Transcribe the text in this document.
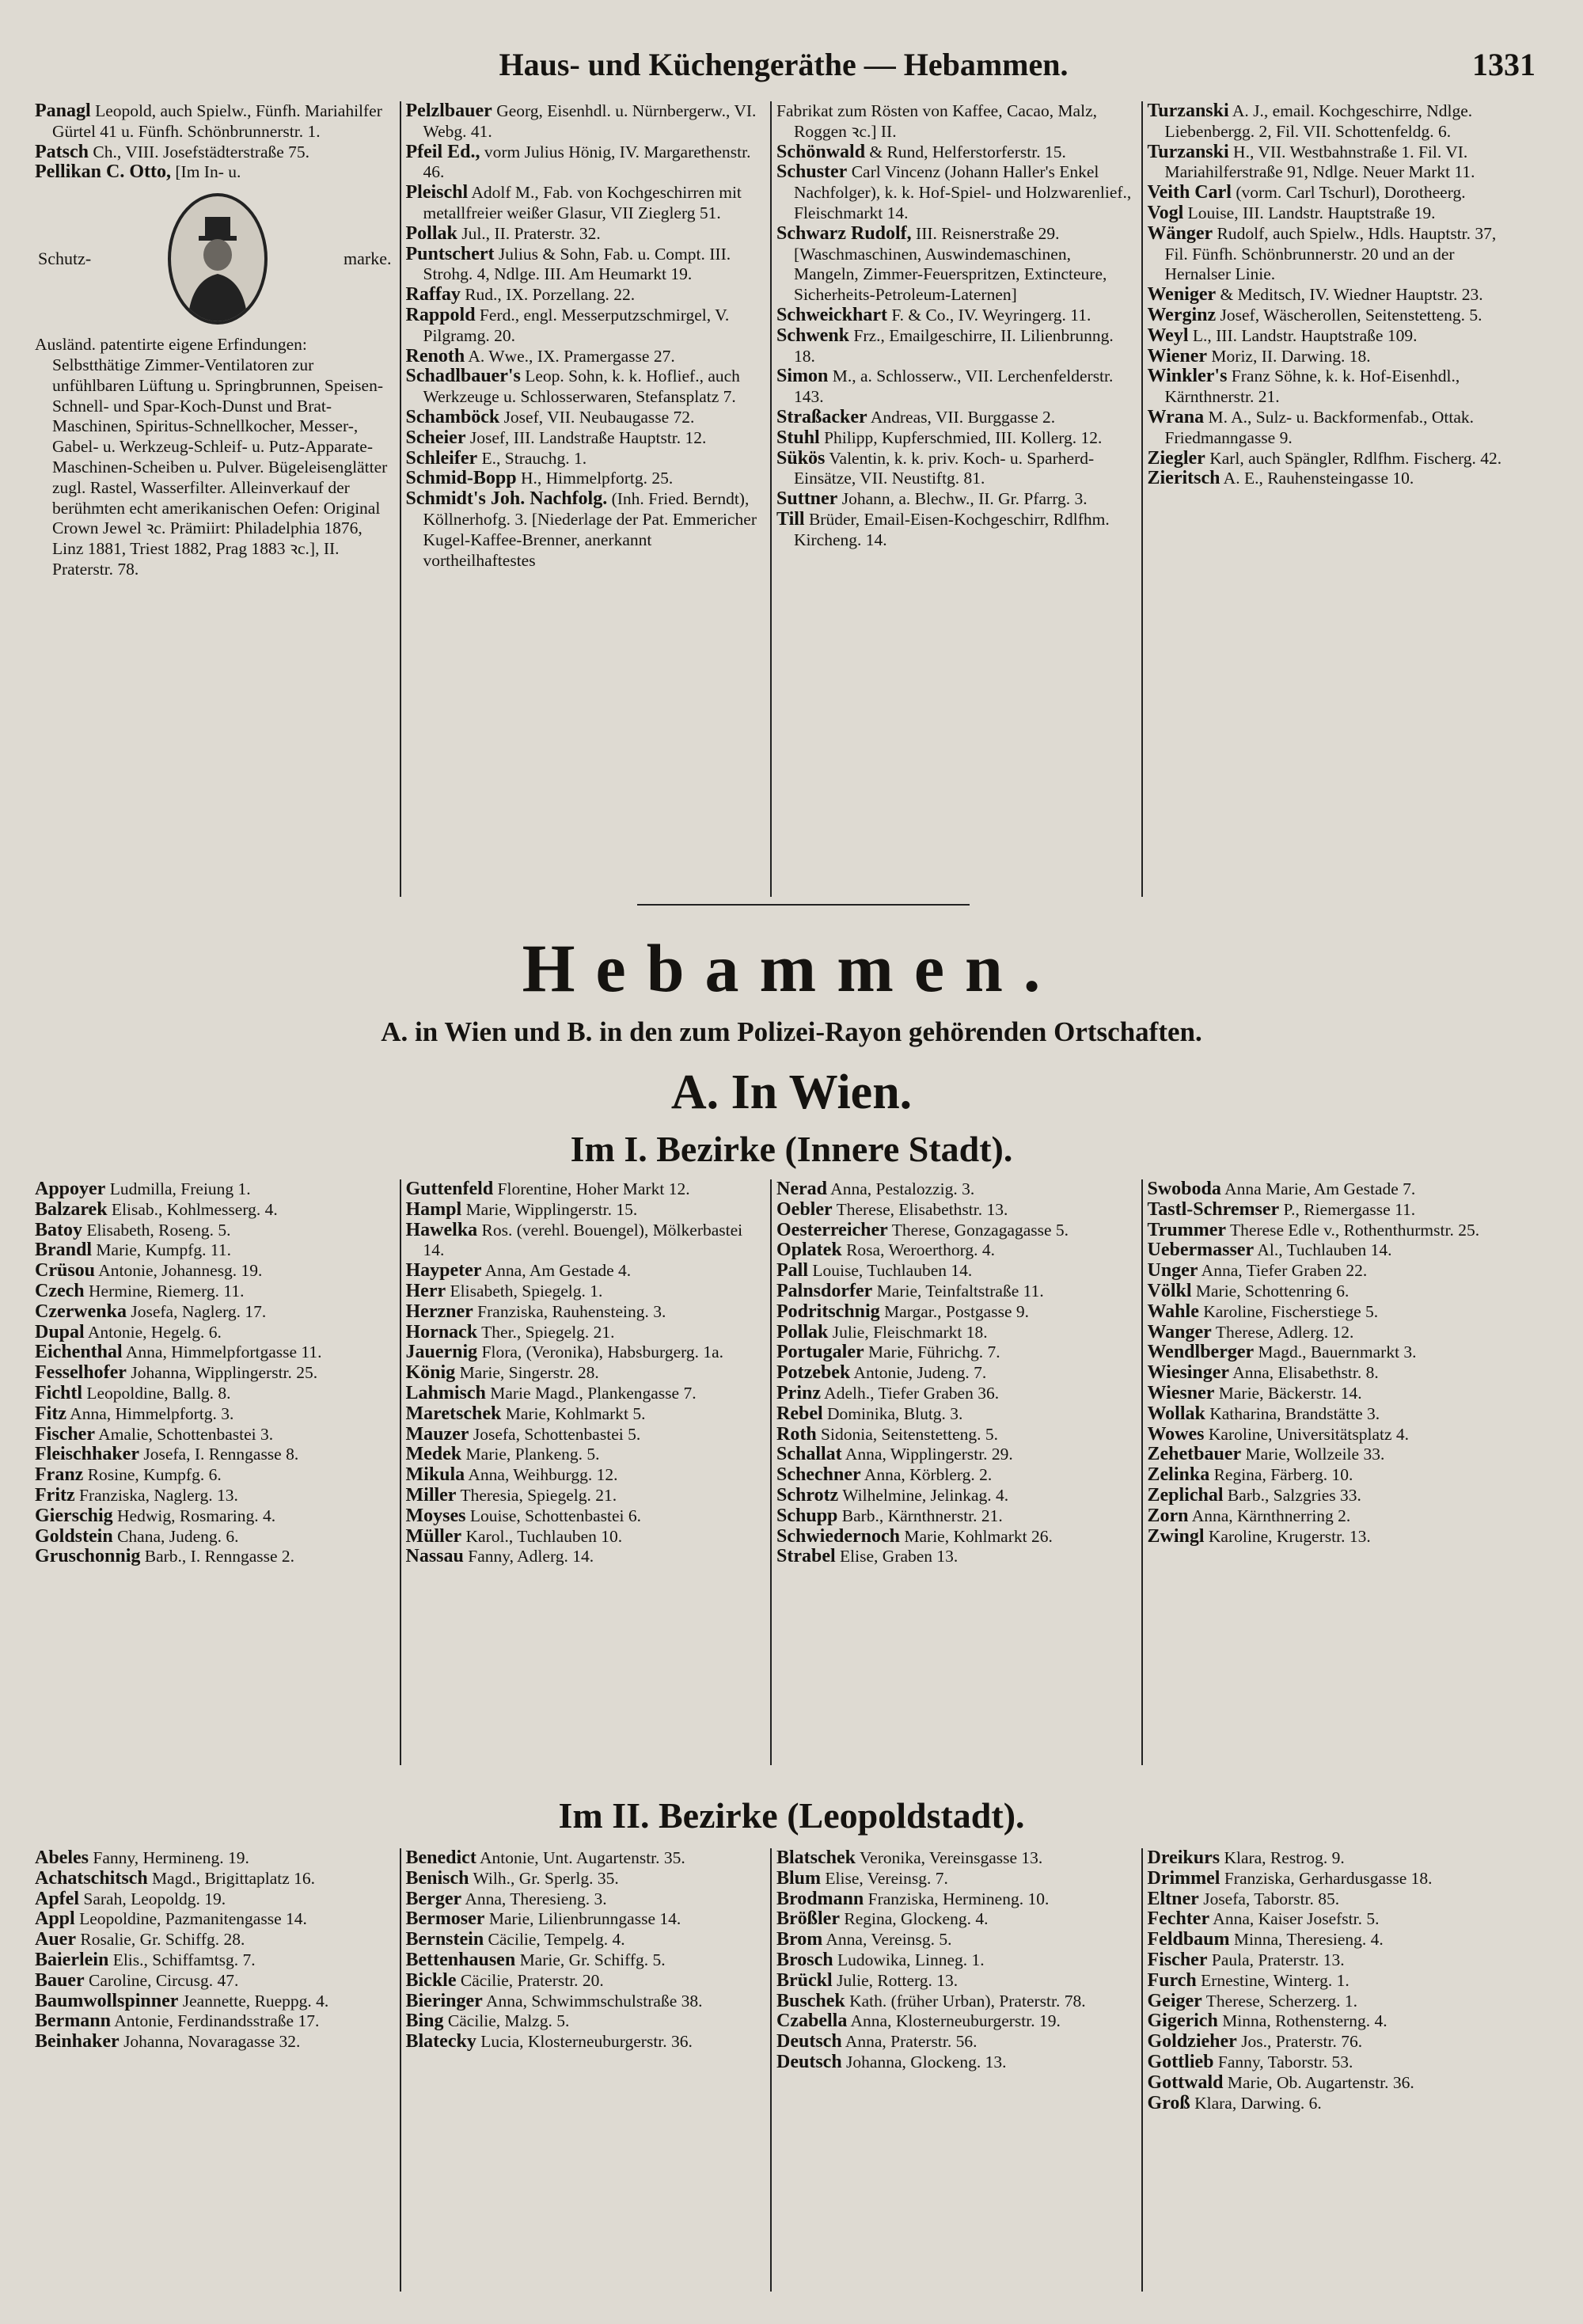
Haus- und Küchengeräthe — Hebammen.	1331

Panagl Leopold, auch Spielw., Fünfh. Mariahilfer Gürtel 41 u. Fünfh. Schönbrunnerstr. 1.

Patsch Ch., VIII. Josefstädterstraße 75.

Pellikan C. Otto, [Im In- u.

Schutz-	marke.

Ausländ. patentirte eigene Erfindungen: Selbstthätige Zimmer-Ventilatoren zur unfühlbaren Lüftung u. Springbrunnen, Speisen-Schnell- und Spar-Koch-Dunst und Brat-Maschinen, Spiritus-Schnellkocher, Messer-, Gabel- u. Werkzeug-Schleif- u. Putz-Apparate-Maschinen-Scheiben u. Pulver. Bügeleisenglätter zugl. Rastel, Wasserfilter. Alleinverkauf der berühmten echt amerikanischen Oefen: Original Crown Jewel ꝛc. Prämiirt: Philadelphia 1876, Linz 1881, Triest 1882, Prag 1883 ꝛc.], II. Praterstr. 78.

Pelzlbauer Georg, Eisenhdl. u. Nürnbergerw., VI. Webg. 41.

Pfeil Ed., vorm Julius Hönig, IV. Margarethenstr. 46.

Pleischl Adolf M., Fab. von Kochgeschirren mit metallfreier weißer Glasur, VII Zieglerg 51.

Pollak Jul., II. Praterstr. 32.

Puntschert Julius & Sohn, Fab. u. Compt. III. Strohg. 4, Ndlge. III. Am Heumarkt 19.

Raffay Rud., IX. Porzellang. 22.

Rappold Ferd., engl. Messerputzschmirgel, V. Pilgramg. 20.

Renoth A. Wwe., IX. Pramergasse 27.

Schadlbauer's Leop. Sohn, k. k. Hoflief., auch Werkzeuge u. Schlosserwaren, Stefansplatz 7.

Schamböck Josef, VII. Neubaugasse 72.

Scheier Josef, III. Landstraße Hauptstr. 12.

Schleifer E., Strauchg. 1.

Schmid-Bopp H., Himmelpfortg. 25.

Schmidt's Joh. Nachfolg. (Inh. Fried. Berndt), Köllnerhofg. 3. [Niederlage der Pat. Emmericher Kugel-Kaffee-Brenner, anerkannt vortheilhaftestes

Fabrikat zum Rösten von Kaffee, Cacao, Malz, Roggen ꝛc.] II.

Schönwald & Rund, Helferstorferstr. 15.

Schuster Carl Vincenz (Johann Haller's Enkel Nachfolger), k. k. Hof-Spiel- und Holzwarenlief., Fleischmarkt 14.

Schwarz Rudolf, III. Reisnerstraße 29. [Waschmaschinen, Auswindemaschinen, Mangeln, Zimmer-Feuerspritzen, Extincteure, Sicherheits-Petroleum-Laternen]

Schweickhart F. & Co., IV. Weyringerg. 11.

Schwenk Frz., Emailgeschirre, II. Lilienbrunng. 18.

Simon M., a. Schlosserw., VII. Lerchenfelderstr. 143.

Straßacker Andreas, VII. Burggasse 2.

Stuhl Philipp, Kupferschmied, III. Kollerg. 12.

Sükös Valentin, k. k. priv. Koch- u. Sparherd-Einsätze, VII. Neustiftg. 81.

Suttner Johann, a. Blechw., II. Gr. Pfarrg. 3.

Till Brüder, Email-Eisen-Kochgeschirr, Rdlfhm. Kircheng. 14.

Turzanski A. J., email. Kochgeschirre, Ndlge. Liebenbergg. 2, Fil. VII. Schottenfeldg. 6.

Turzanski H., VII. Westbahnstraße 1. Fil. VI. Mariahilferstraße 91, Ndlge. Neuer Markt 11.

Veith Carl (vorm. Carl Tschurl), Dorotheerg.

Vogl Louise, III. Landstr. Hauptstraße 19.

Wänger Rudolf, auch Spielw., Hdls. Hauptstr. 37, Fil. Fünfh. Schönbrunnerstr. 20 und an der Hernalser Linie.

Weniger & Meditsch, IV. Wiedner Hauptstr. 23.

Werginz Josef, Wäscherollen, Seitenstetteng. 5.

Weyl L., III. Landstr. Hauptstraße 109.

Wiener Moriz, II. Darwing. 18.

Winkler's Franz Söhne, k. k. Hof-Eisenhdl., Kärnthnerstr. 21.

Wrana M. A., Sulz- u. Backformenfab., Ottak. Friedmanngasse 9.

Ziegler Karl, auch Spängler, Rdlfhm. Fischerg. 42.

Zieritsch A. E., Rauhensteingasse 10.

Hebammen.
A. in Wien und B. in den zum Polizei-Rayon gehörenden Ortschaften.
A. In Wien.
Im I. Bezirke (Innere Stadt).

Appoyer Ludmilla, Freiung 1.

Balzarek Elisab., Kohlmesserg. 4.

Batoy Elisabeth, Roseng. 5.

Brandl Marie, Kumpfg. 11.

Crüsou Antonie, Johannesg. 19.

Czech Hermine, Riemerg. 11.

Czerwenka Josefa, Naglerg. 17.

Dupal Antonie, Hegelg. 6.

Eichenthal Anna, Himmelpfortgasse 11.

Fesselhofer Johanna, Wipplingerstr. 25.

Fichtl Leopoldine, Ballg. 8.

Fitz Anna, Himmelpfortg. 3.

Fischer Amalie, Schottenbastei 3.

Fleischhaker Josefa, I. Renngasse 8.

Franz Rosine, Kumpfg. 6.

Fritz Franziska, Naglerg. 13.

Gierschig Hedwig, Rosmaring. 4.

Goldstein Chana, Judeng. 6.

Gruschonnig Barb., I. Renngasse 2.

Guttenfeld Florentine, Hoher Markt 12.

Hampl Marie, Wipplingerstr. 15.

Hawelka Ros. (verehl. Bouengel), Mölkerbastei 14.

Haypeter Anna, Am Gestade 4.

Herr Elisabeth, Spiegelg. 1.

Herzner Franziska, Rauhensteing. 3.

Hornack Ther., Spiegelg. 21.

Jauernig Flora, (Veronika), Habsburgerg. 1a.

König Marie, Singerstr. 28.

Lahmisch Marie Magd., Plankengasse 7.

Maretschek Marie, Kohlmarkt 5.

Mauzer Josefa, Schottenbastei 5.

Medek Marie, Plankeng. 5.

Mikula Anna, Weihburgg. 12.

Miller Theresia, Spiegelg. 21.

Moyses Louise, Schottenbastei 6.

Müller Karol., Tuchlauben 10.

Nassau Fanny, Adlerg. 14.

Nerad Anna, Pestalozzig. 3.

Oebler Therese, Elisabethstr. 13.

Oesterreicher Therese, Gonzagagasse 5.

Oplatek Rosa, Weroerthorg. 4.

Pall Louise, Tuchlauben 14.

Palnsdorfer Marie, Teinfaltstraße 11.

Podritschnig Margar., Postgasse 9.

Pollak Julie, Fleischmarkt 18.

Portugaler Marie, Führichg. 7.

Potzebek Antonie, Judeng. 7.

Prinz Adelh., Tiefer Graben 36.

Rebel Dominika, Blutg. 3.

Roth Sidonia, Seitenstetteng. 5.

Schallat Anna, Wipplingerstr. 29.

Schechner Anna, Körblerg. 2.

Schrotz Wilhelmine, Jelinkag. 4.

Schupp Barb., Kärnthnerstr. 21.

Schwiedernoch Marie, Kohlmarkt 26.

Strabel Elise, Graben 13.

Swoboda Anna Marie, Am Gestade 7.

Tastl-Schremser P., Riemergasse 11.

Trummer Therese Edle v., Rothenthurmstr. 25.

Uebermasser Al., Tuchlauben 14.

Unger Anna, Tiefer Graben 22.

Völkl Marie, Schottenring 6.

Wahle Karoline, Fischerstiege 5.

Wanger Therese, Adlerg. 12.

Wendlberger Magd., Bauernmarkt 3.

Wiesinger Anna, Elisabethstr. 8.

Wiesner Marie, Bäckerstr. 14.

Wollak Katharina, Brandstätte 3.

Wowes Karoline, Universitätsplatz 4.

Zehetbauer Marie, Wollzeile 33.

Zelinka Regina, Färberg. 10.

Zeplichal Barb., Salzgries 33.

Zorn Anna, Kärnthnerring 2.

Zwingl Karoline, Krugerstr. 13.

Im II. Bezirke (Leopoldstadt).

Abeles Fanny, Hermineng. 19.

Achatschitsch Magd., Brigittaplatz 16.

Apfel Sarah, Leopoldg. 19.

Appl Leopoldine, Pazmanitengasse 14.

Auer Rosalie, Gr. Schiffg. 28.

Baierlein Elis., Schiffamtsg. 7.

Bauer Caroline, Circusg. 47.

Baumwollspinner Jeannette, Rueppg. 4.

Bermann Antonie, Ferdinandsstraße 17.

Beinhaker Johanna, Novaragasse 32.

Benedict Antonie, Unt. Augartenstr. 35.

Benisch Wilh., Gr. Sperlg. 35.

Berger Anna, Theresieng. 3.

Bermoser Marie, Lilienbrunngasse 14.

Bernstein Cäcilie, Tempelg. 4.

Bettenhausen Marie, Gr. Schiffg. 5.

Bickle Cäcilie, Praterstr. 20.

Bieringer Anna, Schwimmschulstraße 38.

Bing Cäcilie, Malzg. 5.

Blatecky Lucia, Klosterneuburgerstr. 36.

Blatschek Veronika, Vereinsgasse 13.

Blum Elise, Vereinsg. 7.

Brodmann Franziska, Hermineng. 10.

Brößler Regina, Glockeng. 4.

Brom Anna, Vereinsg. 5.

Brosch Ludowika, Linneg. 1.

Brückl Julie, Rotterg. 13.

Buschek Kath. (früher Urban), Praterstr. 78.

Czabella Anna, Klosterneuburgerstr. 19.

Deutsch Anna, Praterstr. 56.

Deutsch Johanna, Glockeng. 13.

Dreikurs Klara, Restrog. 9.

Drimmel Franziska, Gerhardusgasse 18.

Eltner Josefa, Taborstr. 85.

Fechter Anna, Kaiser Josefstr. 5.

Feldbaum Minna, Theresieng. 4.

Fischer Paula, Praterstr. 13.

Furch Ernestine, Winterg. 1.

Geiger Therese, Scherzerg. 1.

Gigerich Minna, Rothensterng. 4.

Goldzieher Jos., Praterstr. 76.

Gottlieb Fanny, Taborstr. 53.

Gottwald Marie, Ob. Augartenstr. 36.

Groß Klara, Darwing. 6.
